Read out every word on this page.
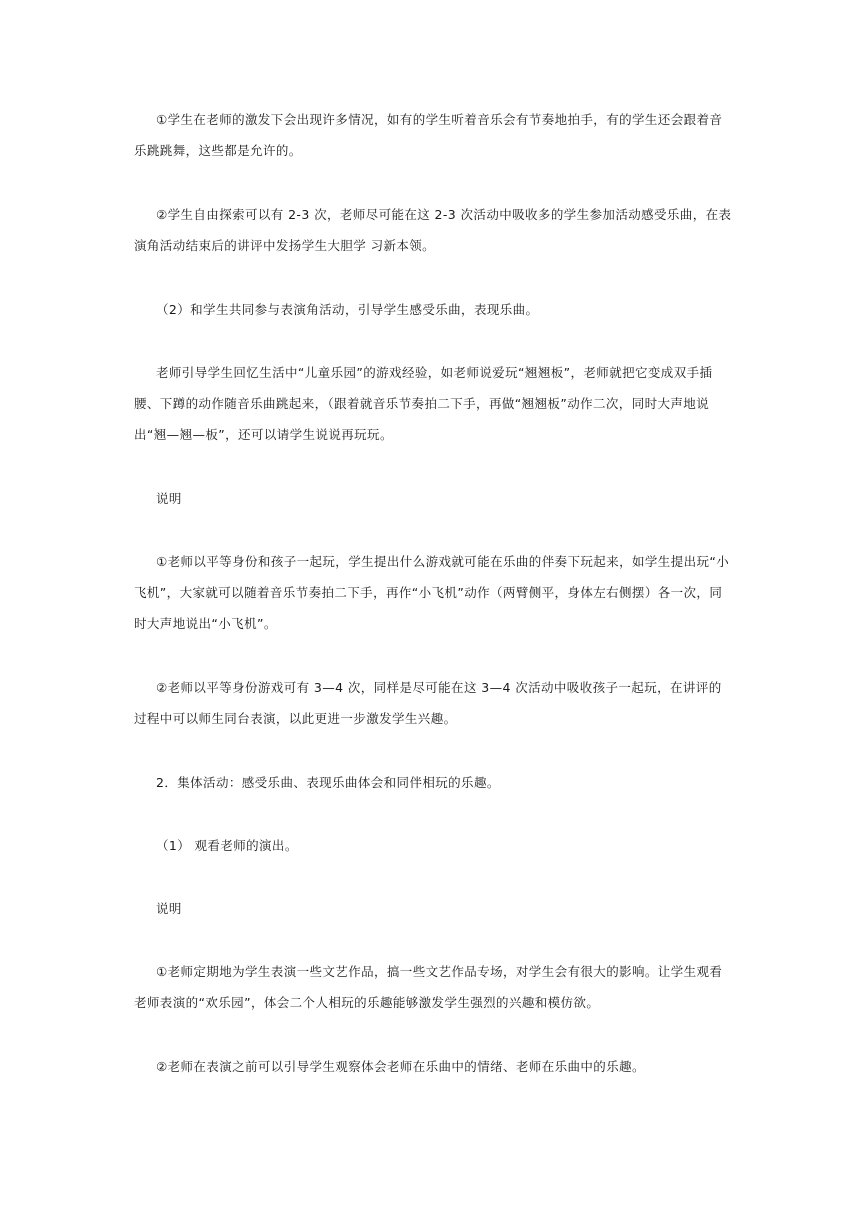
①学生在老师的激发下会出现许多情况，如有的学生听着音乐会有节奏地拍手，有的学生还会跟着音乐跳跳舞，这些都是允许的。

②学生自由探索可以有 2-3 次，老师尽可能在这 2-3 次活动中吸收多的学生参加活动感受乐曲，在表演角活动结束后的讲评中发扬学生大胆学 习新本领。

（2）和学生共同参与表演角活动，引导学生感受乐曲，表现乐曲。

老师引导学生回忆生活中“儿童乐园”的游戏经验，如老师说爱玩“翘翘板”，老师就把它变成双手插腰、下蹲的动作随音乐曲跳起来，（跟着就音乐节奏拍二下手，再做“翘翘板”动作二次，同时大声地说出“翘—翘—板”，还可以请学生说说再玩玩。

说明

①老师以平等身份和孩子一起玩，学生提出什么游戏就可能在乐曲的伴奏下玩起来，如学生提出玩“小飞机”，大家就可以随着音乐节奏拍二下手，再作“小飞机”动作（两臂侧平，身体左右侧摆）各一次，同时大声地说出“小飞机”。

②老师以平等身份游戏可有 3—4 次，同样是尽可能在这 3—4 次活动中吸收孩子一起玩，在讲评的过程中可以师生同台表演，以此更进一步激发学生兴趣。

2．集体活动：感受乐曲、表现乐曲体会和同伴相玩的乐趣。

（1） 观看老师的演出。

说明

①老师定期地为学生表演一些文艺作品，搞一些文艺作品专场，对学生会有很大的影响。让学生观看老师表演的“欢乐园”，体会二个人相玩的乐趣能够激发学生强烈的兴趣和模仿欲。

②老师在表演之前可以引导学生观察体会老师在乐曲中的情绪、老师在乐曲中的乐趣。
